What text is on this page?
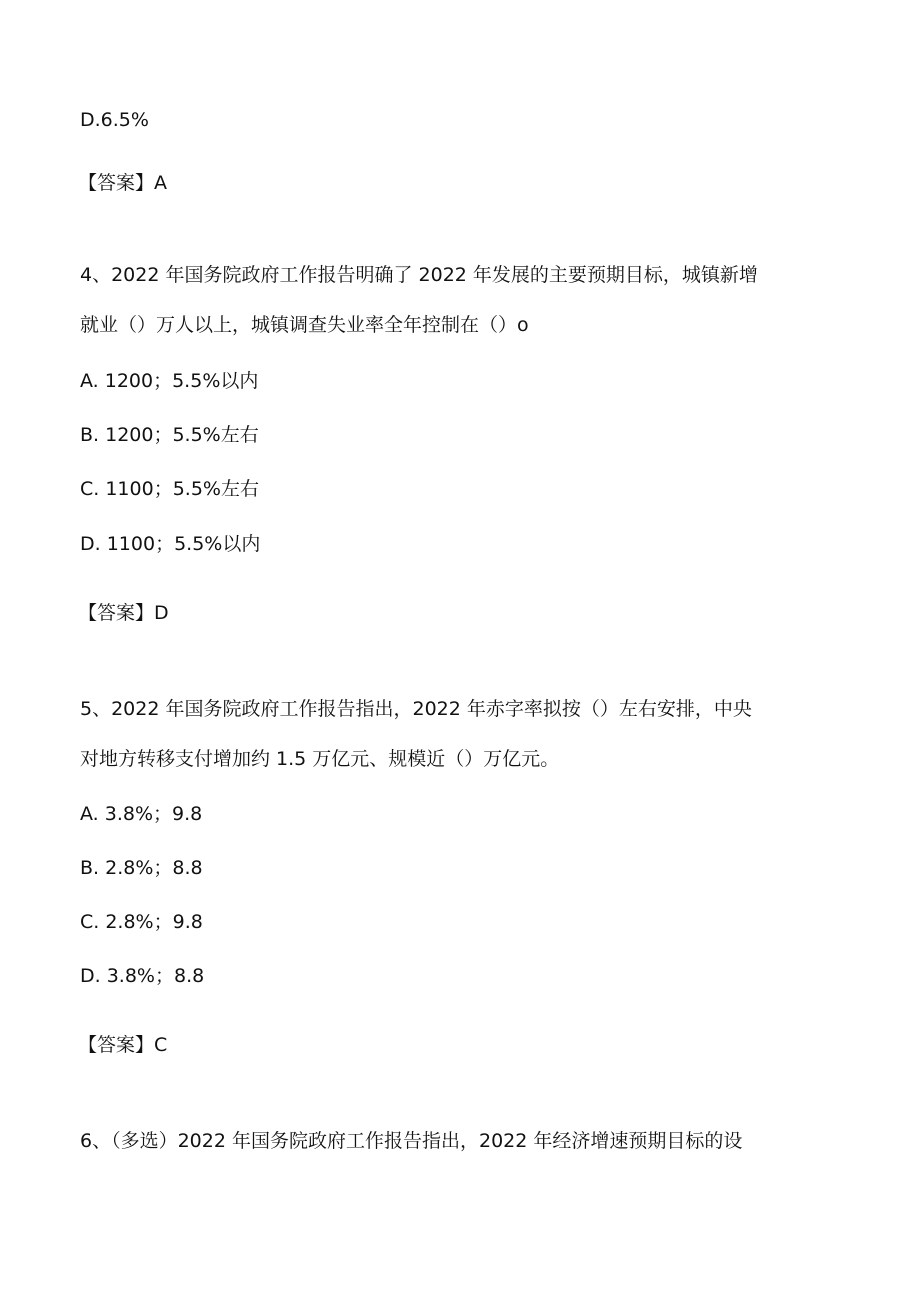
D.6.5%
【答案】A
4、2022 年国务院政府工作报告明确了 2022 年发展的主要预期目标，城镇新增
就业（）万人以上，城镇调查失业率全年控制在（）o
A. 1200；5.5%以内
B. 1200；5.5%左右
C. 1100；5.5%左右
D. 1100；5.5%以内
【答案】D
5、2022 年国务院政府工作报告指出，2022 年赤字率拟按（）左右安排，中央
对地方转移支付增加约 1.5 万亿元、规模近（）万亿元。
A. 3.8%；9.8
B. 2.8%；8.8
C. 2.8%；9.8
D. 3.8%；8.8
【答案】C
6、（多选）2022 年国务院政府工作报告指出，2022 年经济增速预期目标的设
